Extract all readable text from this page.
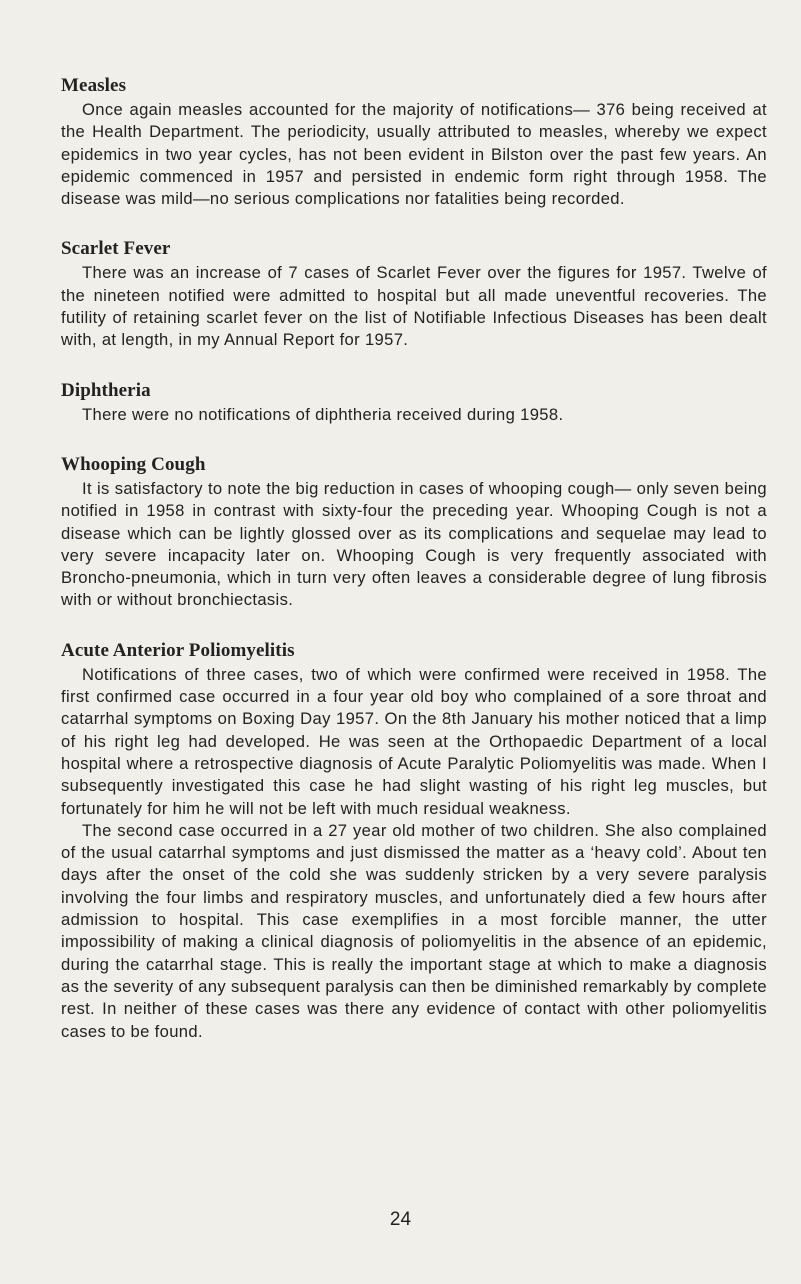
Measles

Once again measles accounted for the majority of notifications— 376 being received at the Health Department. The periodicity, usually attributed to measles, whereby we expect epidemics in two year cycles, has not been evident in Bilston over the past few years. An epidemic commenced in 1957 and persisted in endemic form right through 1958. The disease was mild—no serious complications nor fatalities being recorded.

Scarlet Fever

There was an increase of 7 cases of Scarlet Fever over the figures for 1957. Twelve of the nineteen notified were admitted to hospital but all made uneventful recoveries. The futility of retaining scarlet fever on the list of Notifiable Infectious Diseases has been dealt with, at length, in my Annual Report for 1957.

Diphtheria

There were no notifications of diphtheria received during 1958.

Whooping Cough

It is satisfactory to note the big reduction in cases of whooping cough— only seven being notified in 1958 in contrast with sixty-four the preceding year. Whooping Cough is not a disease which can be lightly glossed over as its complications and sequelae may lead to very severe incapacity later on. Whooping Cough is very frequently associated with Broncho-pneumonia, which in turn very often leaves a considerable degree of lung fibrosis with or without bronchiectasis.

Acute Anterior Poliomyelitis

Notifications of three cases, two of which were confirmed were received in 1958. The first confirmed case occurred in a four year old boy who complained of a sore throat and catarrhal symptoms on Boxing Day 1957. On the 8th January his mother noticed that a limp of his right leg had developed. He was seen at the Orthopaedic Department of a local hospital where a retrospective diagnosis of Acute Paralytic Poliomyelitis was made. When I subsequently investigated this case he had slight wasting of his right leg muscles, but fortunately for him he will not be left with much residual weakness.

The second case occurred in a 27 year old mother of two children. She also complained of the usual catarrhal symptoms and just dismissed the matter as a ‘heavy cold’. About ten days after the onset of the cold she was suddenly stricken by a very severe paralysis involving the four limbs and respiratory muscles, and unfortunately died a few hours after admission to hospital. This case exemplifies in a most forcible manner, the utter impossibility of making a clinical diagnosis of poliomyelitis in the absence of an epidemic, during the catarrhal stage. This is really the important stage at which to make a diagnosis as the severity of any subsequent paralysis can then be diminished remarkably by complete rest. In neither of these cases was there any evidence of contact with other poliomyelitis cases to be found.

24
